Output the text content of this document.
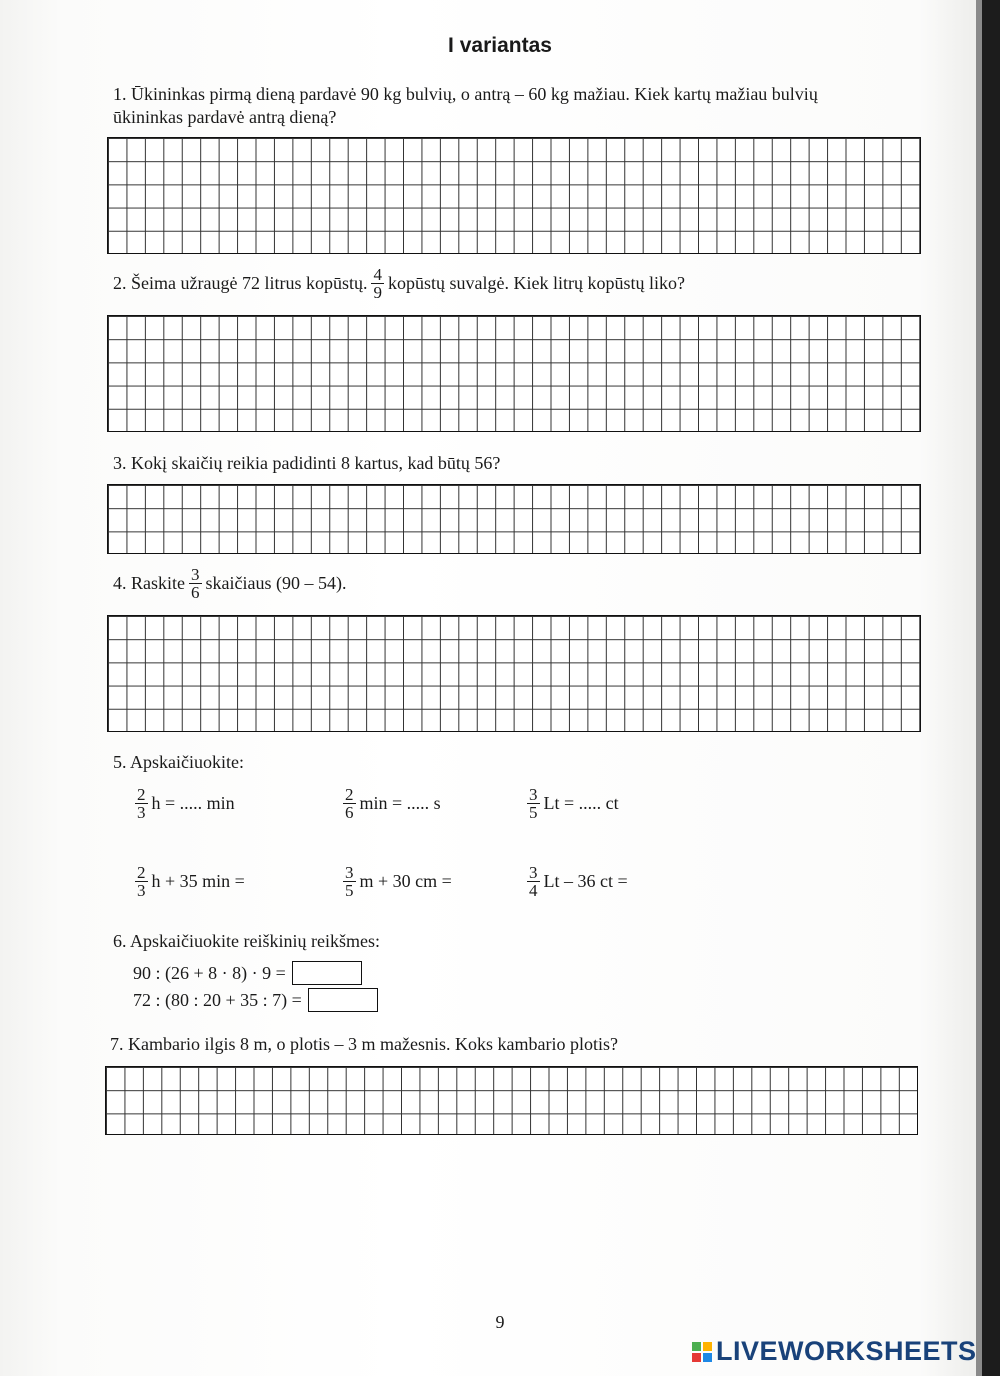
I variantas
1. Ūkininkas pirmą dieną pardavė 90 kg bulvių, o antrą – 60 kg mažiau. Kiek kartų mažiau bulvių
ūkininkas pardavė antrą dieną?
2. Šeima užraugė 72 litrus kopūstų. $\frac{4}{9}$ kopūstų suvalgė. Kiek litrų kopūstų liko?
3. Kokį skaičių reikia padidinti 8 kartus, kad būtų 56?
4. Raskite $\frac{3}{6}$ skaičiaus (90 – 54).
5. Apskaičiuokite:
$\frac{2}{3}$ h = ..... min	$\frac{2}{6}$ min = ..... s	$\frac{3}{5}$ Lt = ..... ct
$\frac{2}{3}$ h + 35 min =	$\frac{3}{5}$ m + 30 cm =	$\frac{3}{4}$ Lt – 36 ct =
6. Apskaičiuokite reiškinių reikšmes:
90 : (26 + 8 · 8) · 9 =
72 : (80 : 20 + 35 : 7) =
7. Kambario ilgis 8 m, o plotis – 3 m mažesnis. Koks kambario plotis?
9
LIVEWORKSHEETS
